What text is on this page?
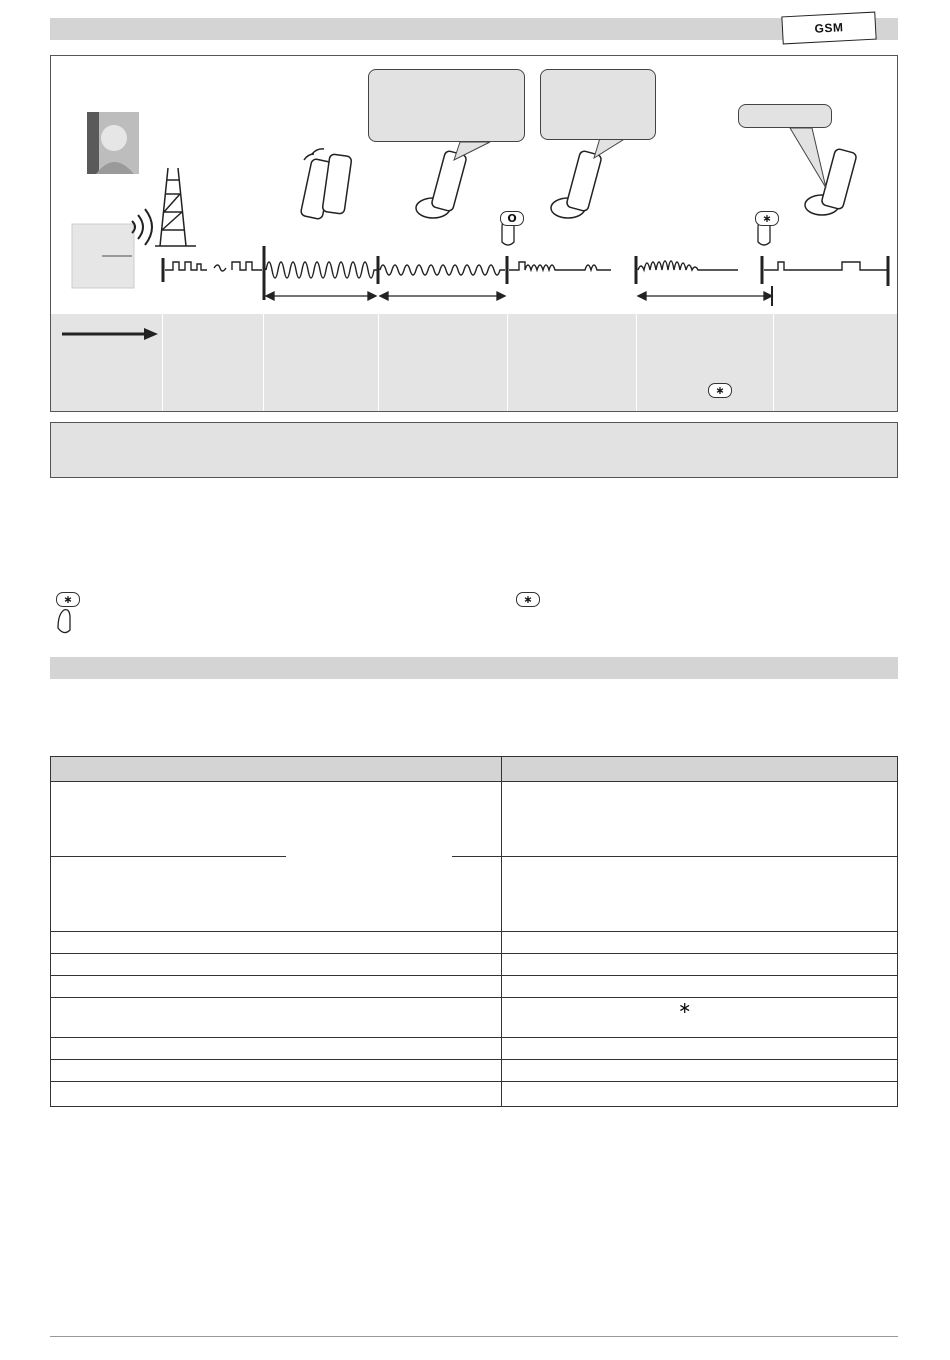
GSM
O	∗
∗
∗	∗

	∗
